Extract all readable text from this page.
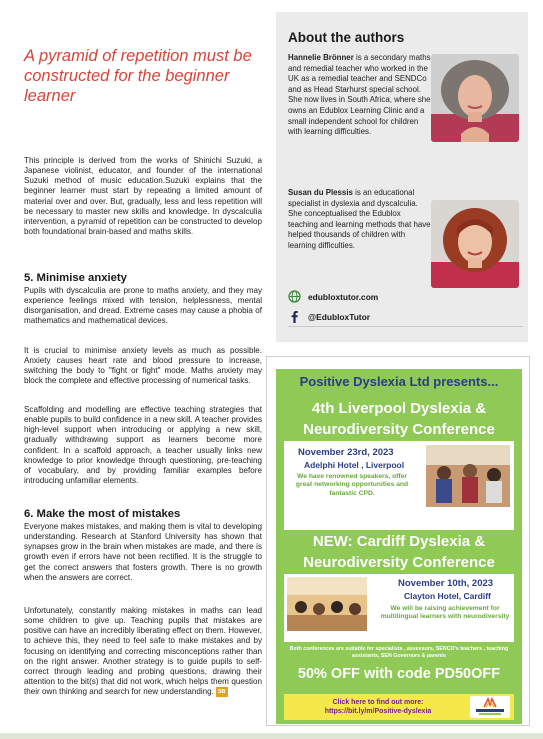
A pyramid of repetition must be constructed for the beginner learner

This principle is derived from the works of Shinichi Suzuki, a Japanese violinist, educator, and founder of the international Suzuki method of music education.Suzuki explains that the beginner learner must start by repeating a limited amount of material over and over. But, gradually, less and less repetition will be necessary to master new skills and knowledge. In dyscalculia intervention, a pyramid of repetition can be constructed to develop both foundational brain-based and maths skills.

5. Minimise anxiety

Pupils with dyscalculia are prone to maths anxiety, and they may experience feelings mixed with tension, helplessness, mental disorganisation, and dread. Extreme cases may cause a phobia of mathematics and mathematical devices.

It is crucial to minimise anxiety levels as much as possible. Anxiety causes heart rate and blood pressure to increase, switching the body to "fight or fight" mode. Maths anxiety may block the complete and effective processing of numerical tasks.

Scaffolding and modelling are effective teaching strategies that enable pupils to build confidence in a new skill. A teacher provides high-level support when introducing or applying a new skill, gradually withdrawing support as learners become more confident. In a scaffold approach, a teacher usually links new knowledge to prior knowledge through questioning, pre-teaching of vocabulary, and by providing familiar examples before introducing unfamiliar elements.

6. Make the most of mistakes

Everyone makes mistakes, and making them is vital to developing understanding. Research at Stanford University has shown that synapses grow in the brain when mistakes are made, and there is growth even if errors have not been rectified. It is the struggle to get the correct answers that fosters growth. There is no growth when the answers are correct.

Unfortunately, constantly making mistakes in maths can lead some children to give up. Teaching pupils that mistakes are positive can have an incredibly liberating effect on them. However, to achieve this, they need to feel safe to make mistakes and by focusing on identifying and correcting misconceptions rather than on the right answer. Another strategy is to guide pupils to self-correct through leading and probing questions, drawing their attention to the bit(s) that did not work, which helps them question their own thinking and search for new understanding. SB

About the authors

Hannelie Brönner is a secondary maths and remedial teacher who worked in the UK as a remedial teacher and SENDCo and as Head Starhurst special school. She now lives in South Africa, where she owns an Edublox Learning Clinic and a small independent school for children with learning difficulties.

Susan du Plessis is an educational specialist in dyslexia and dyscalculia. She conceptualised the Edublox teaching and learning methods that have helped thousands of children with learning difficulties.

edubloxtutor.com
@EdubloxTutor
Positive Dyslexia Ltd presents...
4th Liverpool Dyslexia &
Neurodiversity Conference
November 23rd, 2023
Adelphi Hotel , Liverpool
We have renowned speakers, offer great networking opportunities and fantastic CPD.
NEW: Cardiff Dyslexia &
Neurodiversity Conference
November 10th, 2023
Clayton Hotel, Cardiff
We will be raising achievement for multilingual learners with neurodiversity
Both conferences are suitable for specialists , assessors, SENCO's teachers , teaching assistants, SEN Governors & parents
50% OFF with code PD50OFF
Click here to find out more:
https://bit.ly/m/Positive-dyslexia
